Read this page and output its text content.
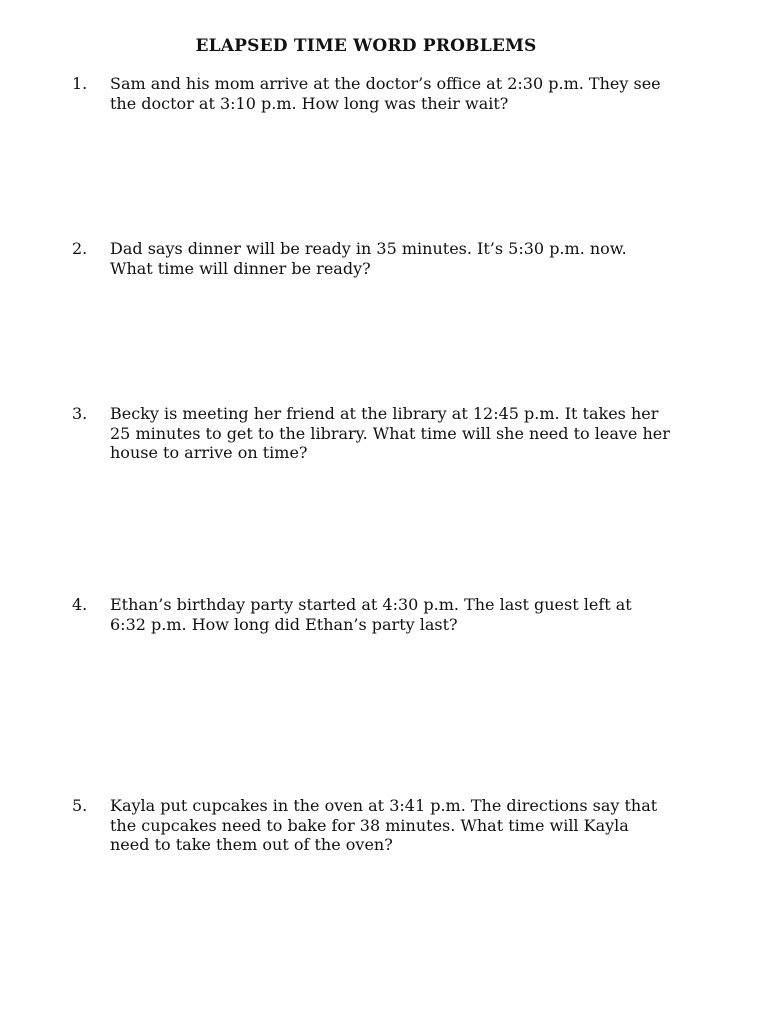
ELAPSED TIME WORD PROBLEMS
1.	Sam and his mom arrive at the doctor’s office at 2:30 p.m. They see the doctor at 3:10 p.m. How long was their wait?
2.	Dad says dinner will be ready in 35 minutes. It’s 5:30 p.m. now. What time will dinner be ready?
3.	Becky is meeting her friend at the library at 12:45 p.m. It takes her 25 minutes to get to the library. What time will she need to leave her house to arrive on time?
4.	Ethan’s birthday party started at 4:30 p.m. The last guest left at 6:32 p.m. How long did Ethan’s party last?
5.	Kayla put cupcakes in the oven at 3:41 p.m. The directions say that the cupcakes need to bake for 38 minutes. What time will Kayla need to take them out of the oven?
